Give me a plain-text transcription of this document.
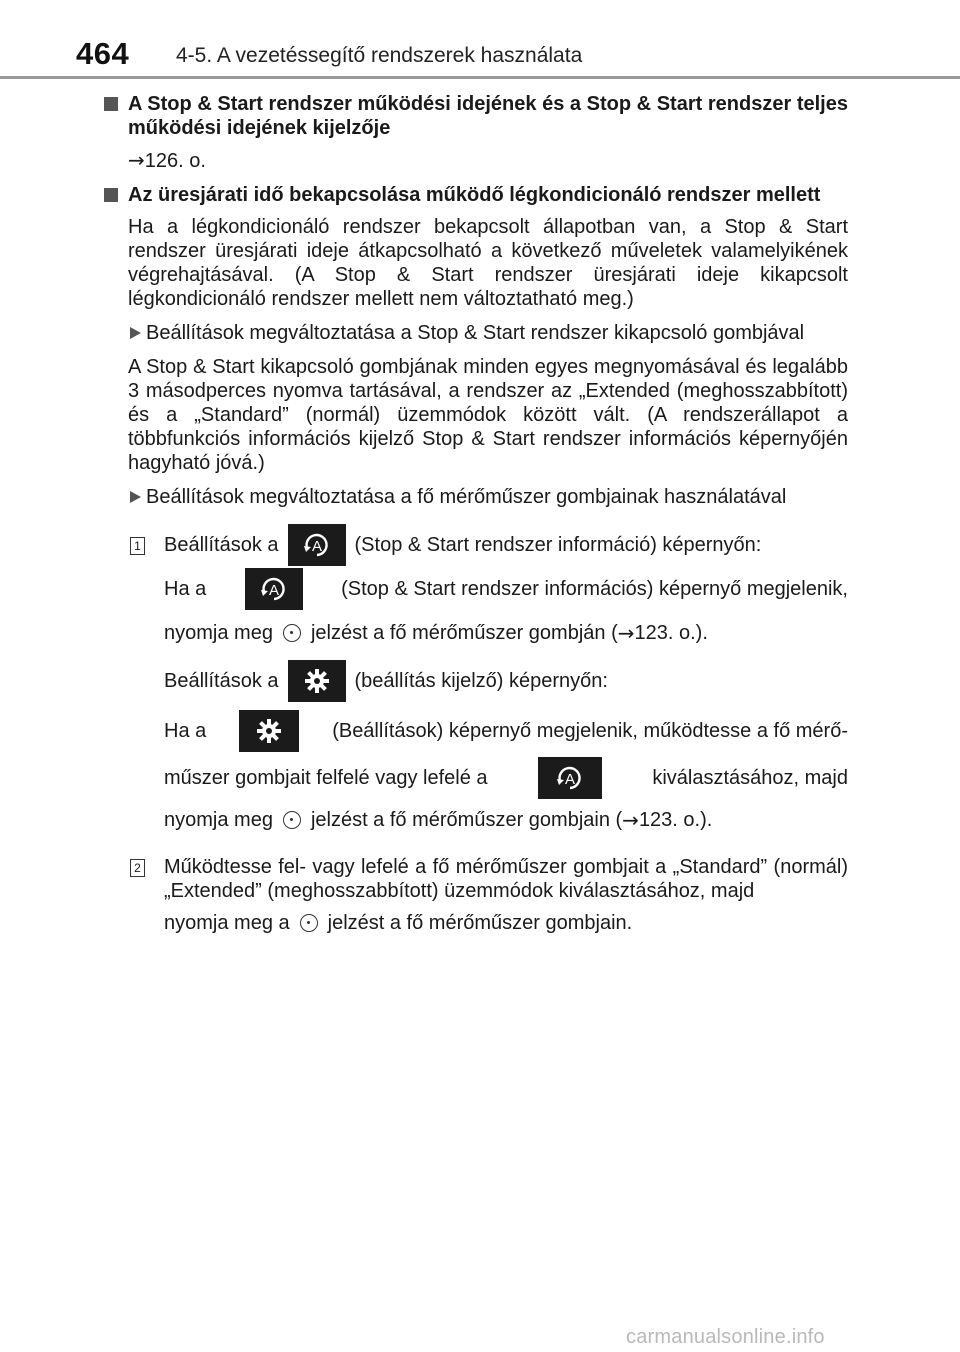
464 4-5. A vezetéssegítő rendszerek használata
A Stop & Start rendszer működési idejének és a Stop & Start rendszer teljes működési idejének kijelzője
→126. o.
Az üresjárati idő bekapcsolása működő légkondicionáló rendszer mellett
Ha a légkondicionáló rendszer bekapcsolt állapotban van, a Stop & Start rendszer üresjárati ideje átkapcsolható a következő műveletek valamelyikének végrehajtásával. (A Stop & Start rendszer üresjárati ideje kikapcsolt légkondicionáló rendszer mellett nem változtatható meg.)
Beállítások megváltoztatása a Stop & Start rendszer kikapcsoló gombjával
A Stop & Start kikapcsoló gombjának minden egyes megnyomásával és legalább 3 másodperces nyomva tartásával, a rendszer az „Extended (meghosszabbított) és a „Standard” (normál) üzemmódok között vált. (A rendszerállapot a többfunkciós információs kijelző Stop & Start rendszer információs képernyőjén hagyható jóvá.)
Beállítások megváltoztatása a fő mérőműszer gombjainak használatával
1 Beállítások a A (Stop & Start rendszer információ) képernyőn:
Ha a	A	(Stop & Start rendszer információs) képernyő megjelenik,
nyomja meg jelzést a fő mérőműszer gombján ( → 123. o.).
Beállítások a	(beállítás kijelző) képernyőn:
Ha a	(Beállítások) képernyő megjelenik, működtesse a fő mérő-
műszer gombjait felfelé vagy lefelé a	A	kiválasztásához, majd
nyomja meg jelzést a fő mérőműszer gombjain ( → 123. o.).
2 Működtesse fel- vagy lefelé a fő mérőműszer gombjait a „Standard” (normál) „Extended” (meghosszabbított) üzemmódok kiválasztásához, majd
nyomja meg a jelzést a fő mérőműszer gombjain.
carmanualsonline.info
